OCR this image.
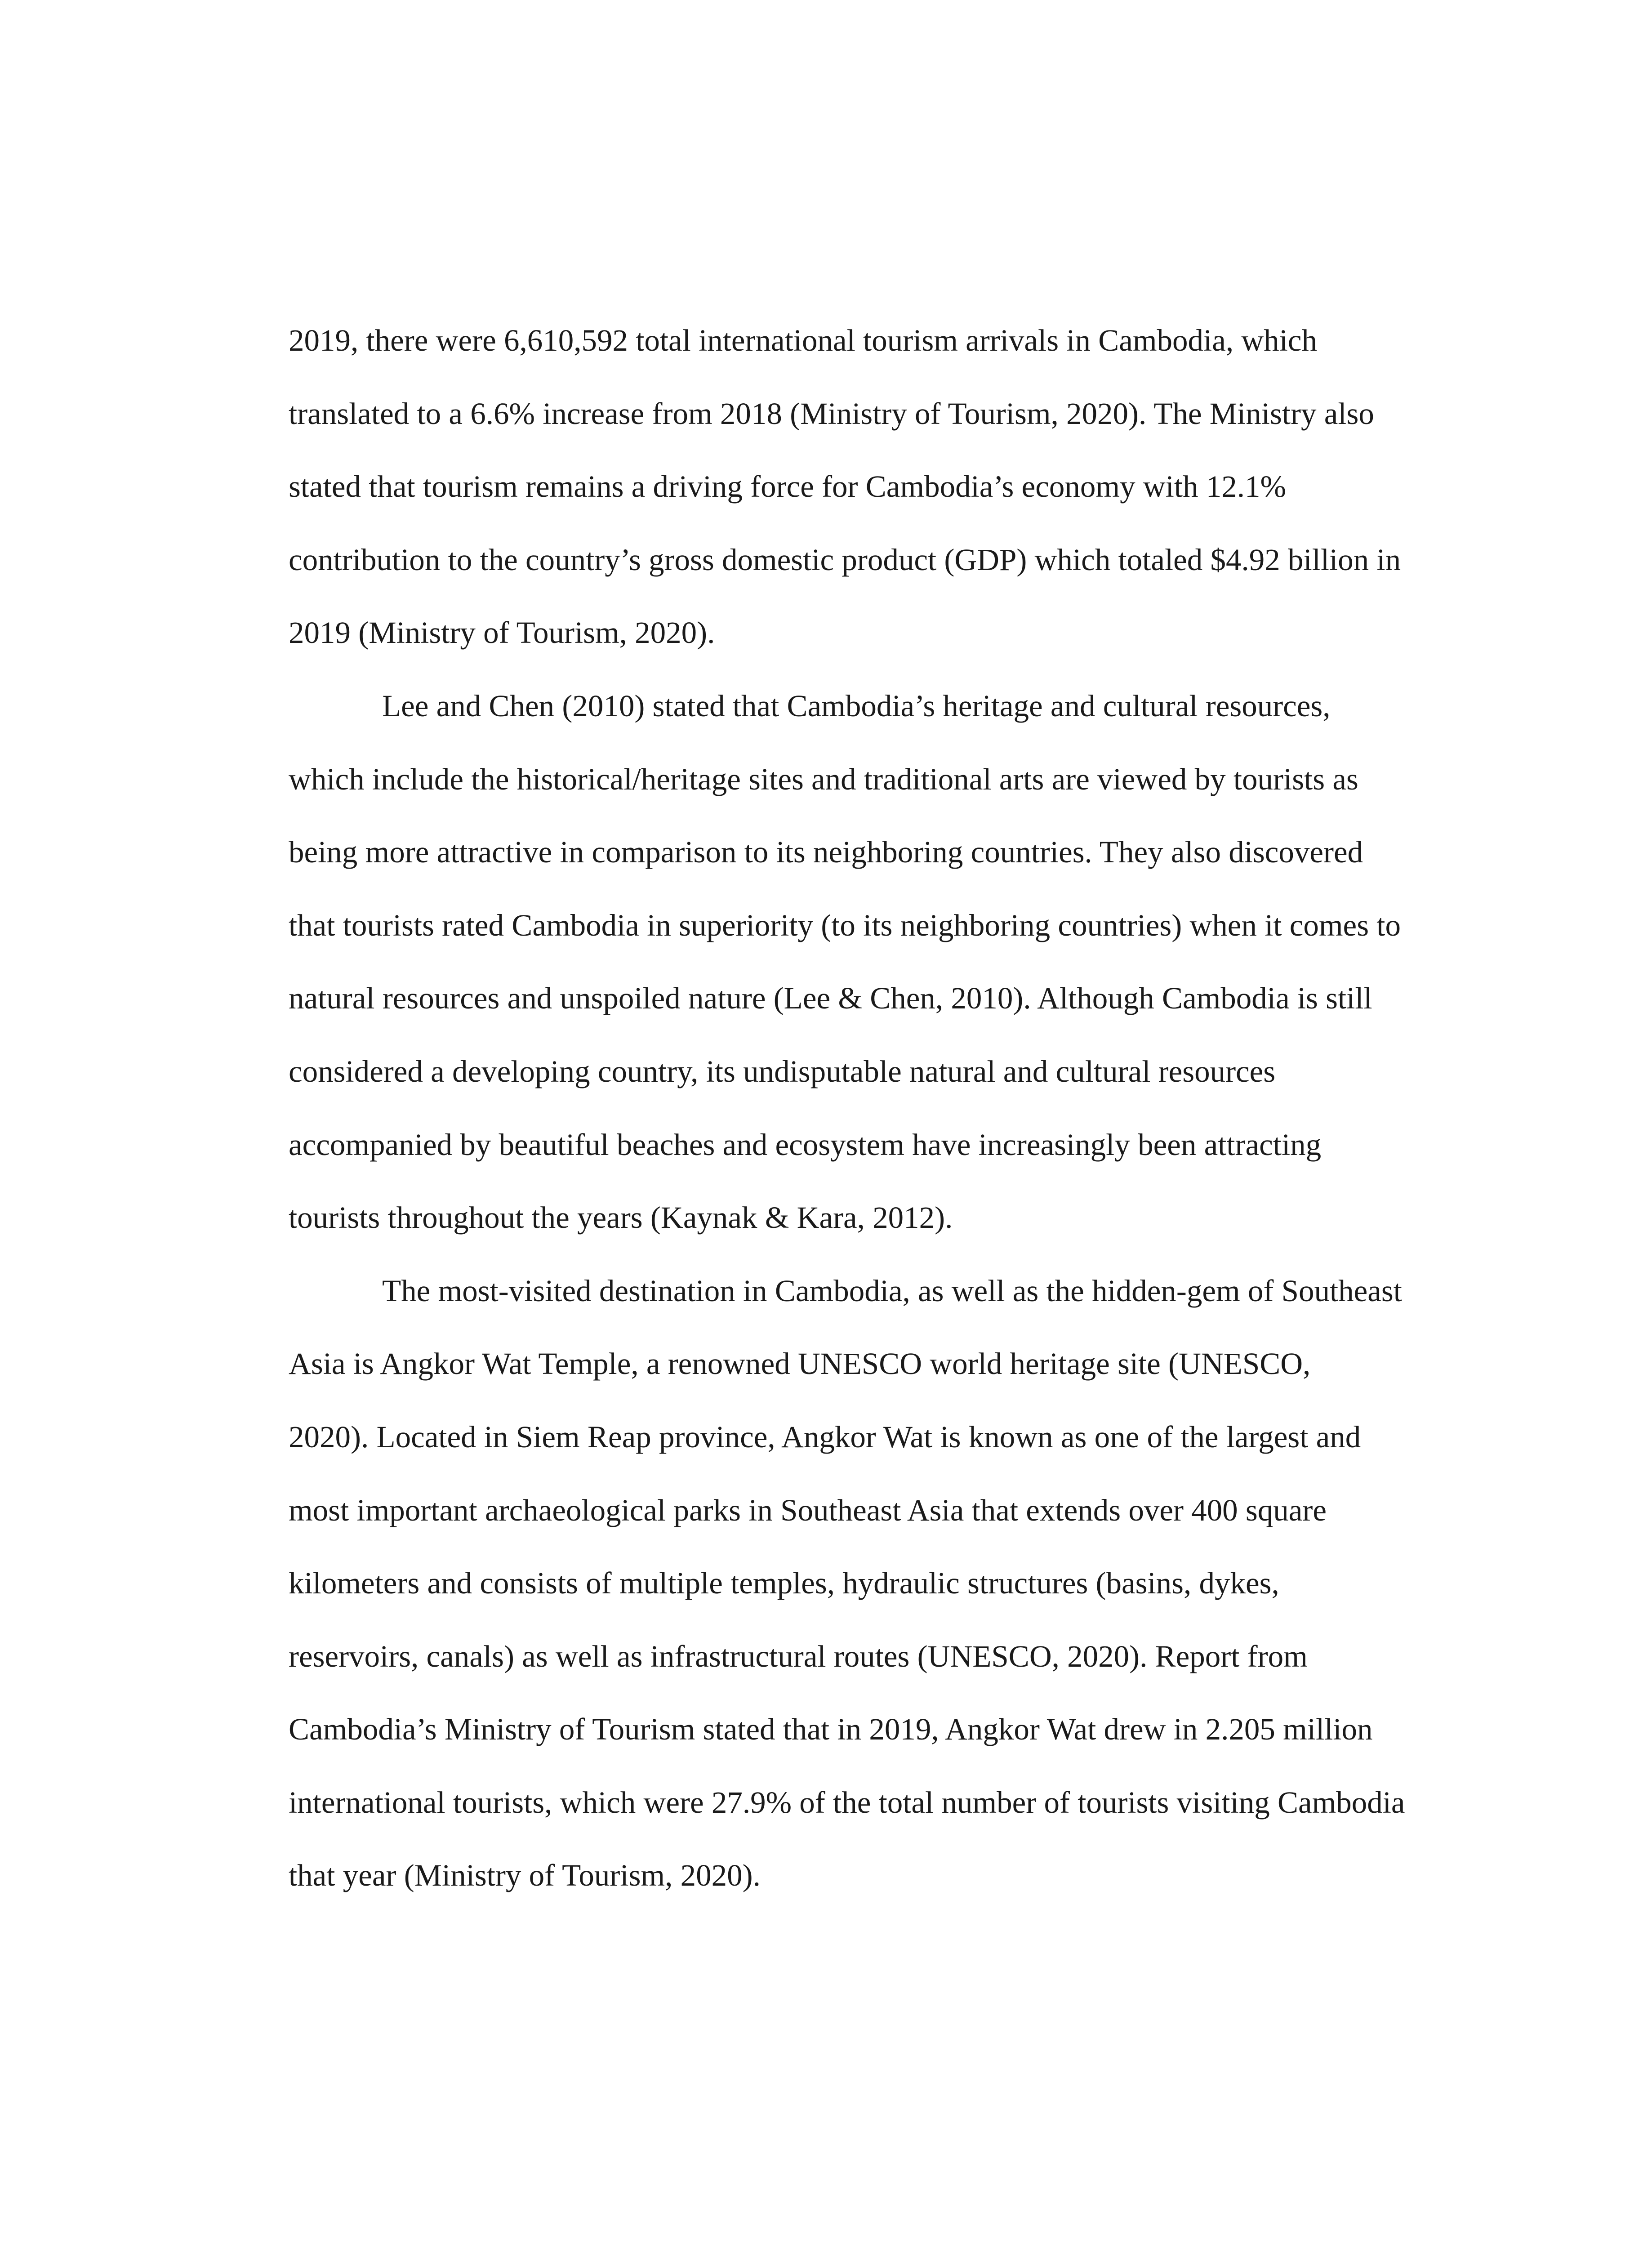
2019, there were 6,610,592 total international tourism arrivals in Cambodia, which
translated to a 6.6% increase from 2018 (Ministry of Tourism, 2020). The Ministry also
stated that tourism remains a driving force for Cambodia’s economy with 12.1%
contribution to the country’s gross domestic product (GDP) which totaled $4.92 billion in
2019 (Ministry of Tourism, 2020).
Lee and Chen (2010) stated that Cambodia’s heritage and cultural resources,
which include the historical/heritage sites and traditional arts are viewed by tourists as
being more attractive in comparison to its neighboring countries. They also discovered
that tourists rated Cambodia in superiority (to its neighboring countries) when it comes to
natural resources and unspoiled nature (Lee & Chen, 2010). Although Cambodia is still
considered a developing country, its undisputable natural and cultural resources
accompanied by beautiful beaches and ecosystem have increasingly been attracting
tourists throughout the years (Kaynak & Kara, 2012).
The most-visited destination in Cambodia, as well as the hidden-gem of Southeast
Asia is Angkor Wat Temple, a renowned UNESCO world heritage site (UNESCO,
2020). Located in Siem Reap province, Angkor Wat is known as one of the largest and
most important archaeological parks in Southeast Asia that extends over 400 square
kilometers and consists of multiple temples, hydraulic structures (basins, dykes,
reservoirs, canals) as well as infrastructural routes (UNESCO, 2020). Report from
Cambodia’s Ministry of Tourism stated that in 2019, Angkor Wat drew in 2.205 million
international tourists, which were 27.9% of the total number of tourists visiting Cambodia
that year (Ministry of Tourism, 2020).
